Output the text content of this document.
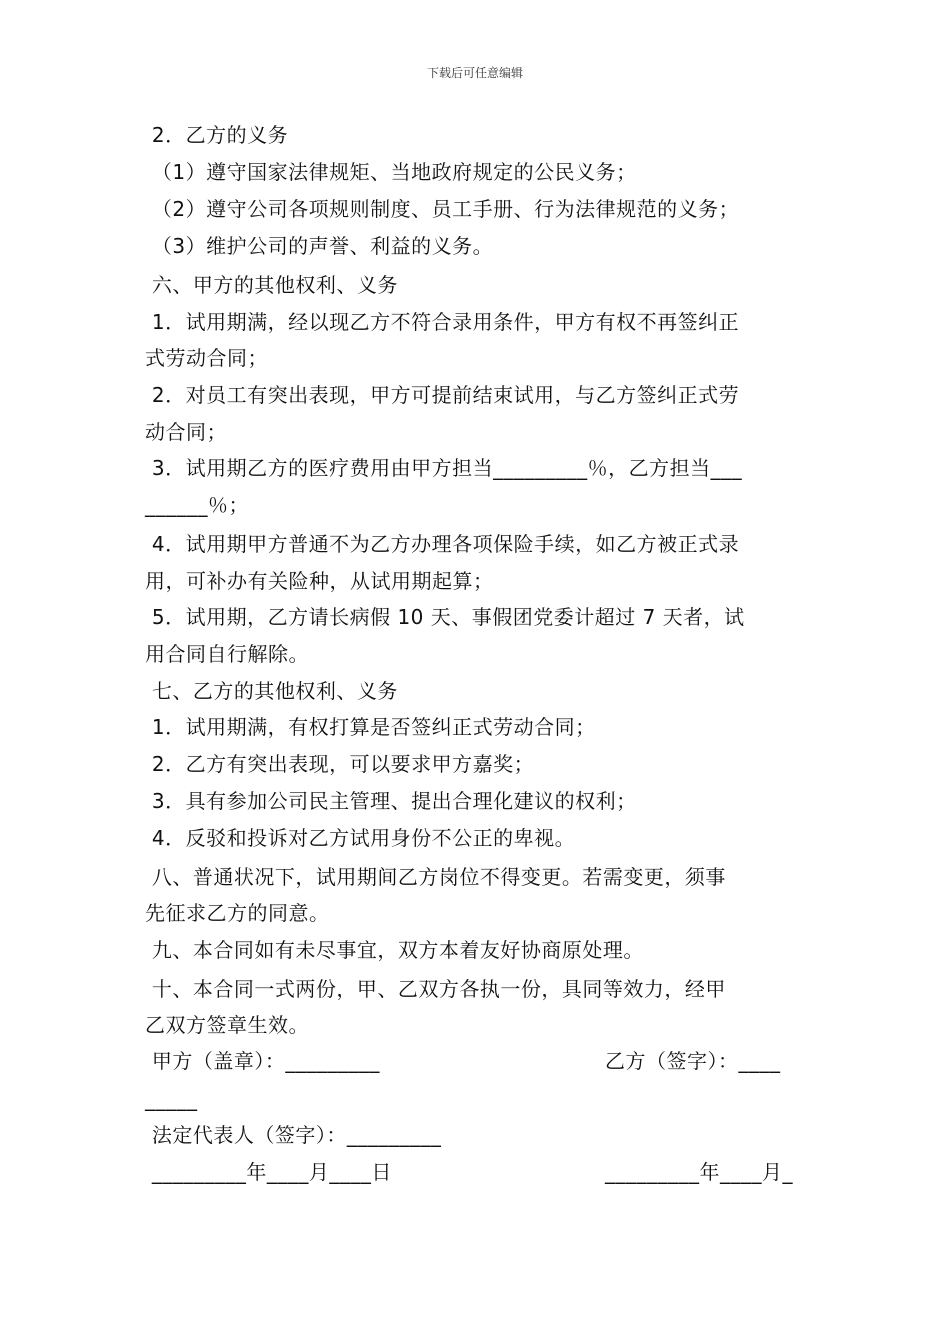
下载后可任意编辑
2．乙方的义务
（1）遵守国家法律规矩、当地政府规定的公民义务；
（2）遵守公司各项规则制度、员工手册、行为法律规范的义务；
（3）维护公司的声誉、利益的义务。
六、甲方的其他权利、义务
1．试用期满，经以现乙方不符合录用条件，甲方有权不再签纠正
式劳动合同；
2．对员工有突出表现，甲方可提前结束试用，与乙方签纠正式劳
动合同；
3．试用期乙方的医疗费用由甲方担当_________％，乙方担当___
______％；
4．试用期甲方普通不为乙方办理各项保险手续，如乙方被正式录
用，可补办有关险种，从试用期起算；
5．试用期，乙方请长病假 10 天、事假团党委计超过 7 天者，试
用合同自行解除。
七、乙方的其他权利、义务
1．试用期满，有权打算是否签纠正式劳动合同；
2．乙方有突出表现，可以要求甲方嘉奖；
3．具有参加公司民主管理、提出合理化建议的权利；
4．反驳和投诉对乙方试用身份不公正的卑视。
八、普通状况下，试用期间乙方岗位不得变更。若需变更，须事
先征求乙方的同意。
九、本合同如有未尽事宜，双方本着友好协商原处理。
十、本合同一式两份，甲、乙双方各执一份，具同等效力，经甲
乙双方签章生效。
甲方（盖章）：_________	乙方（签字）：____
_____
法定代表人（签字）：_________
_________年____月____日	_________年____月_
